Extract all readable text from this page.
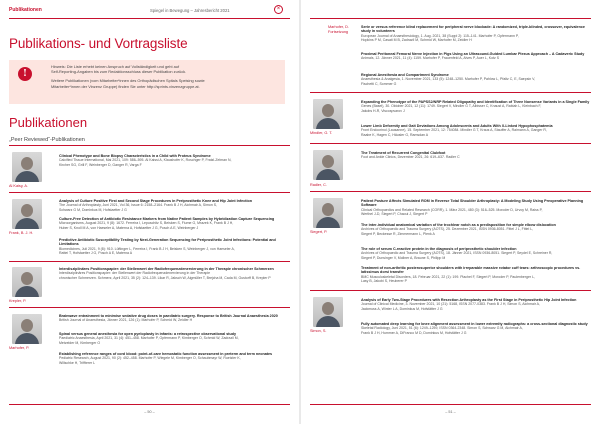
Publikationen	Spiegel in Bewegung – Jahresbericht 2021	×
Publikations- und Vortragsliste
!
Hinweis: Die Liste erhebt keinen Anspruch auf Vollständigkeit und geht auf
Self-Reporting-Angaben bis zum Redaktionsschluss dieser Publikation zurück.
Weitere Publikationen (vom Mitarbeiter*innen des Orthopädischen Spitals Speising sowie
Mitarbeiter*innen der Vinzenz Gruppe) finden Sie unter http://sprints.vinzenzgruppe.at.
Publikationen
„Peer Reviewed“-Publikationen
Al Kaisy, A.
Clinical Phenotype and Bone Biopsy Characteristics in a Child with Proteus Syndrome
Calcified Tissue International, Mai 2021, 109: 586–595. Al Kaissi A, Klaushofer K, Roschger P, Fratzl-Zelman N,
Kircher SG, Grill F, Weinberger D, Ganger R, Varga F
Frank, B. J. H.
Analysis of Culture Positive First and Second Stage Procedures in Periprosthetic Knee and Hip Joint Infection
The Journal of Arthroplasty, Juni 2021, Vol 36, Issue 6: 2158–2164. Frank B J H, Aichmair A, Simon S,
Schwarz G M, Dominkus M, Hofstaetter J G
Culture-Free Detection of Antibiotic Resistance Markers from Native Patient Samples by Hybridization Capture Sequencing
Microorganisms, August 2021, 9 (8): 1672. Ferreira I, Lepuschitz S, Beisken S, Fiume G, Mrazek K, Frank B J H,
Huber S, Knoll M A, von Haeseler A, Materna A, Hofstaetter J G, Posch A E, Weinberger J
Predictive Antibiotic Susceptibility Testing by Next-Generation Sequencing for Periprosthetic Joint Infections: Potential and Limitations
Biomedicines, Juli 2021, 9 (8): 910. Lüftinger L, Ferreira I, Frank B J H, Beisken S, Weinberger J, von Haeseler A,
Rattei T, Hofstaetter J G, Posch A E, Materna A
Krepler, P.
Interdisziplinäres Positionspapier: der Stellenwert der Radiofrequenzdenervierung in der Therapie chronischer Schmerzen
Interdisziplinäres Positionspapier: der Stellenwert der Radiofrequenzdenervierung in der Therapie
chronischer Schmerzen. Schmerz, April 2021, 35 (2): 124–139. Likar R, Jaksch W, Aigmüller T, Brejcha M, Cada M, Gustorff B, Krepler P
Marhofer, P.
Brainwave entrainment to minimise sedative drug doses in paediatric surgery. Response to British Journal Anaesthesia 2020
British Journal of Anaesthesia, Jänner 2021, 126 (1): Marhofer P, Schmid W, Zeidler H
Spinal versus general anesthesia for open pyeloplasty in infants: a retrospective observational study
Paediatric Anaesthesia, April 2021, 31 (4): 451–458. Marhofer P, Opfermann P, Kimberger O, Schmid W, Zadrazil M,
Metzelder M, Kimberger O
Establishing reference ranges of cord blood: point-of-care hemostatic function assessment in preterm and term neonates
Pediatric Research, August 2021, 90 (2): 452–458. Marhofer P, Wiegele M, Kimberger O, Schaubmayr W, Ruetzler K,
Willschke H, Triffterer L
– 50 –
Marhofer, D.
Fortsetzung
Serie or versus reference blind replacement for peripheral nerve blockade: A randomized, triple-blinded, crossover, equivalence study in volunteers
European Journal of Anaesthesiology, 1. Aug. 2021, 38 (Suppl 2): 115–141. Marhofer P, Opfermann P,
Hopkins P M, Casati M B, Zadrazil M, Schmid W, Marhofer M, Zeidler H
Proximal Peritoneal Femoral Nerve Injection in Pigs Using an Ultrasound-Guided Lumbar Plexus Approach – A Cadaveric Study
Animals, 12. Jänner 2021, 11 (4): 1159. Marhofer P, Frauenfeld A, Alves P, Auer L, Kotz S
Regional Anesthesia and Compartment Syndrome
Anaesthesia & Analgesia, 1. November 2021, 133 (5): 1248–1250. Marhofer P, Pahlow L, Pfaltz C, E, Saepsin V,
Fischetti C, Sommer G
Mindler, G. T.
Expanding the Phenotype of the PAPSS2/NRP Related Oligopathy and Identification of Three Nonsense Variants in a Single Family
Genes (Basel), 30. Oktober 2021, 12 (11): 1749. Siegert V, Mindler G T, Albisser C, Knaust A, Rabiah L, Kleinbach F,
Jakobs H-R, Viscospvarov J
Lower Limb Deformity and Gait Deviations Among Adolescents and Adults With X-Linked Hypophosphatemia
Front Endocrinol (Lausanne), 15. September 2021, 12: 754084. Mindler G T, Kraus A, Stauffer A, Raimann A, Ganger R,
Raabe K, Hagen C, Häusler G, Ramsdan A
Radler, C.
The Treatment of Recurrent Congenital Clubfoot
Foot and Ankle Clinics, Dezember 2021, 26: 619–637. Radler C
Siegert, P.
Patient Posture Affects Simulated ROM in Reverse Total Shoulder Arthroplasty: A Modeling Study Using Preoperative Planning Software
Clinical Orthopaedics and Related Research (CORR), 1. März 2021, 480 (3): 516–525. Moroder D, Urvoy M, Raiss P,
Werthel J-D, Siegert P, Chaoui J, Siegert P
The inter-individual anatomical variation of the trochlear notch as a predisposition for simple elbow dislocation
Archives of Orthopaedic and Trauma Surgery (AOTS), 25. Dezember 2021, ISSN 0936-8051. Fittel J L, Fittel L,
Siegert P, Beckesse R, Zimmermann L, Plenk A
The role of serum C-reactive protein in the diagnosis of periprosthetic shoulder infection
Archives of Orthopaedic and Trauma Surgery (AOTS), 18. Jänner 2021, ISSN 0936-8051. Siegert P, Seydel E, Schreiner R,
Siegert P, Dunsinger V, Mollner A, Braune S, Philipp M
Treatment of non-arthritic posterosuperior shoulders with irreparable massive rotator cuff tears: arthroscopic procedures vs. latissimus dorsi transfer
BMC Musculoskeletal Disorders, 18. Februar 2021, 22 (1): 199. Plachel F, Siegert P, Moroder P, Paulenberger L,
Lasy B, Jakobi S, Heuberer P
Simon, S.
Analysis of Early Two-Stage Procedures with Resection Arthroplasty as the First Stage in Periprosthetic Hip Joint Infection
Journal of Clinical Medicine, 3. November 2021, 10 (21): 5168, ISSN 2077-0383. Frank B J H, Simon S, Aichmair A,
Jackmuss A, Winter L A, Dominkus M, Hofstätter J G
Fully automated deep learning for knee alignment assessment in lower extremity radiographs: a cross-sectional diagnostic study
Skeletal Radiology, Juni 2021, 51 (6): 1249–1259, ISSN 0364-2348. Simon S, Schwarz G M, Aichmair A,
Frank B J H, Hummer A, DiFranco M D, Dominkus M, Hofstätter J G
– 51 –
